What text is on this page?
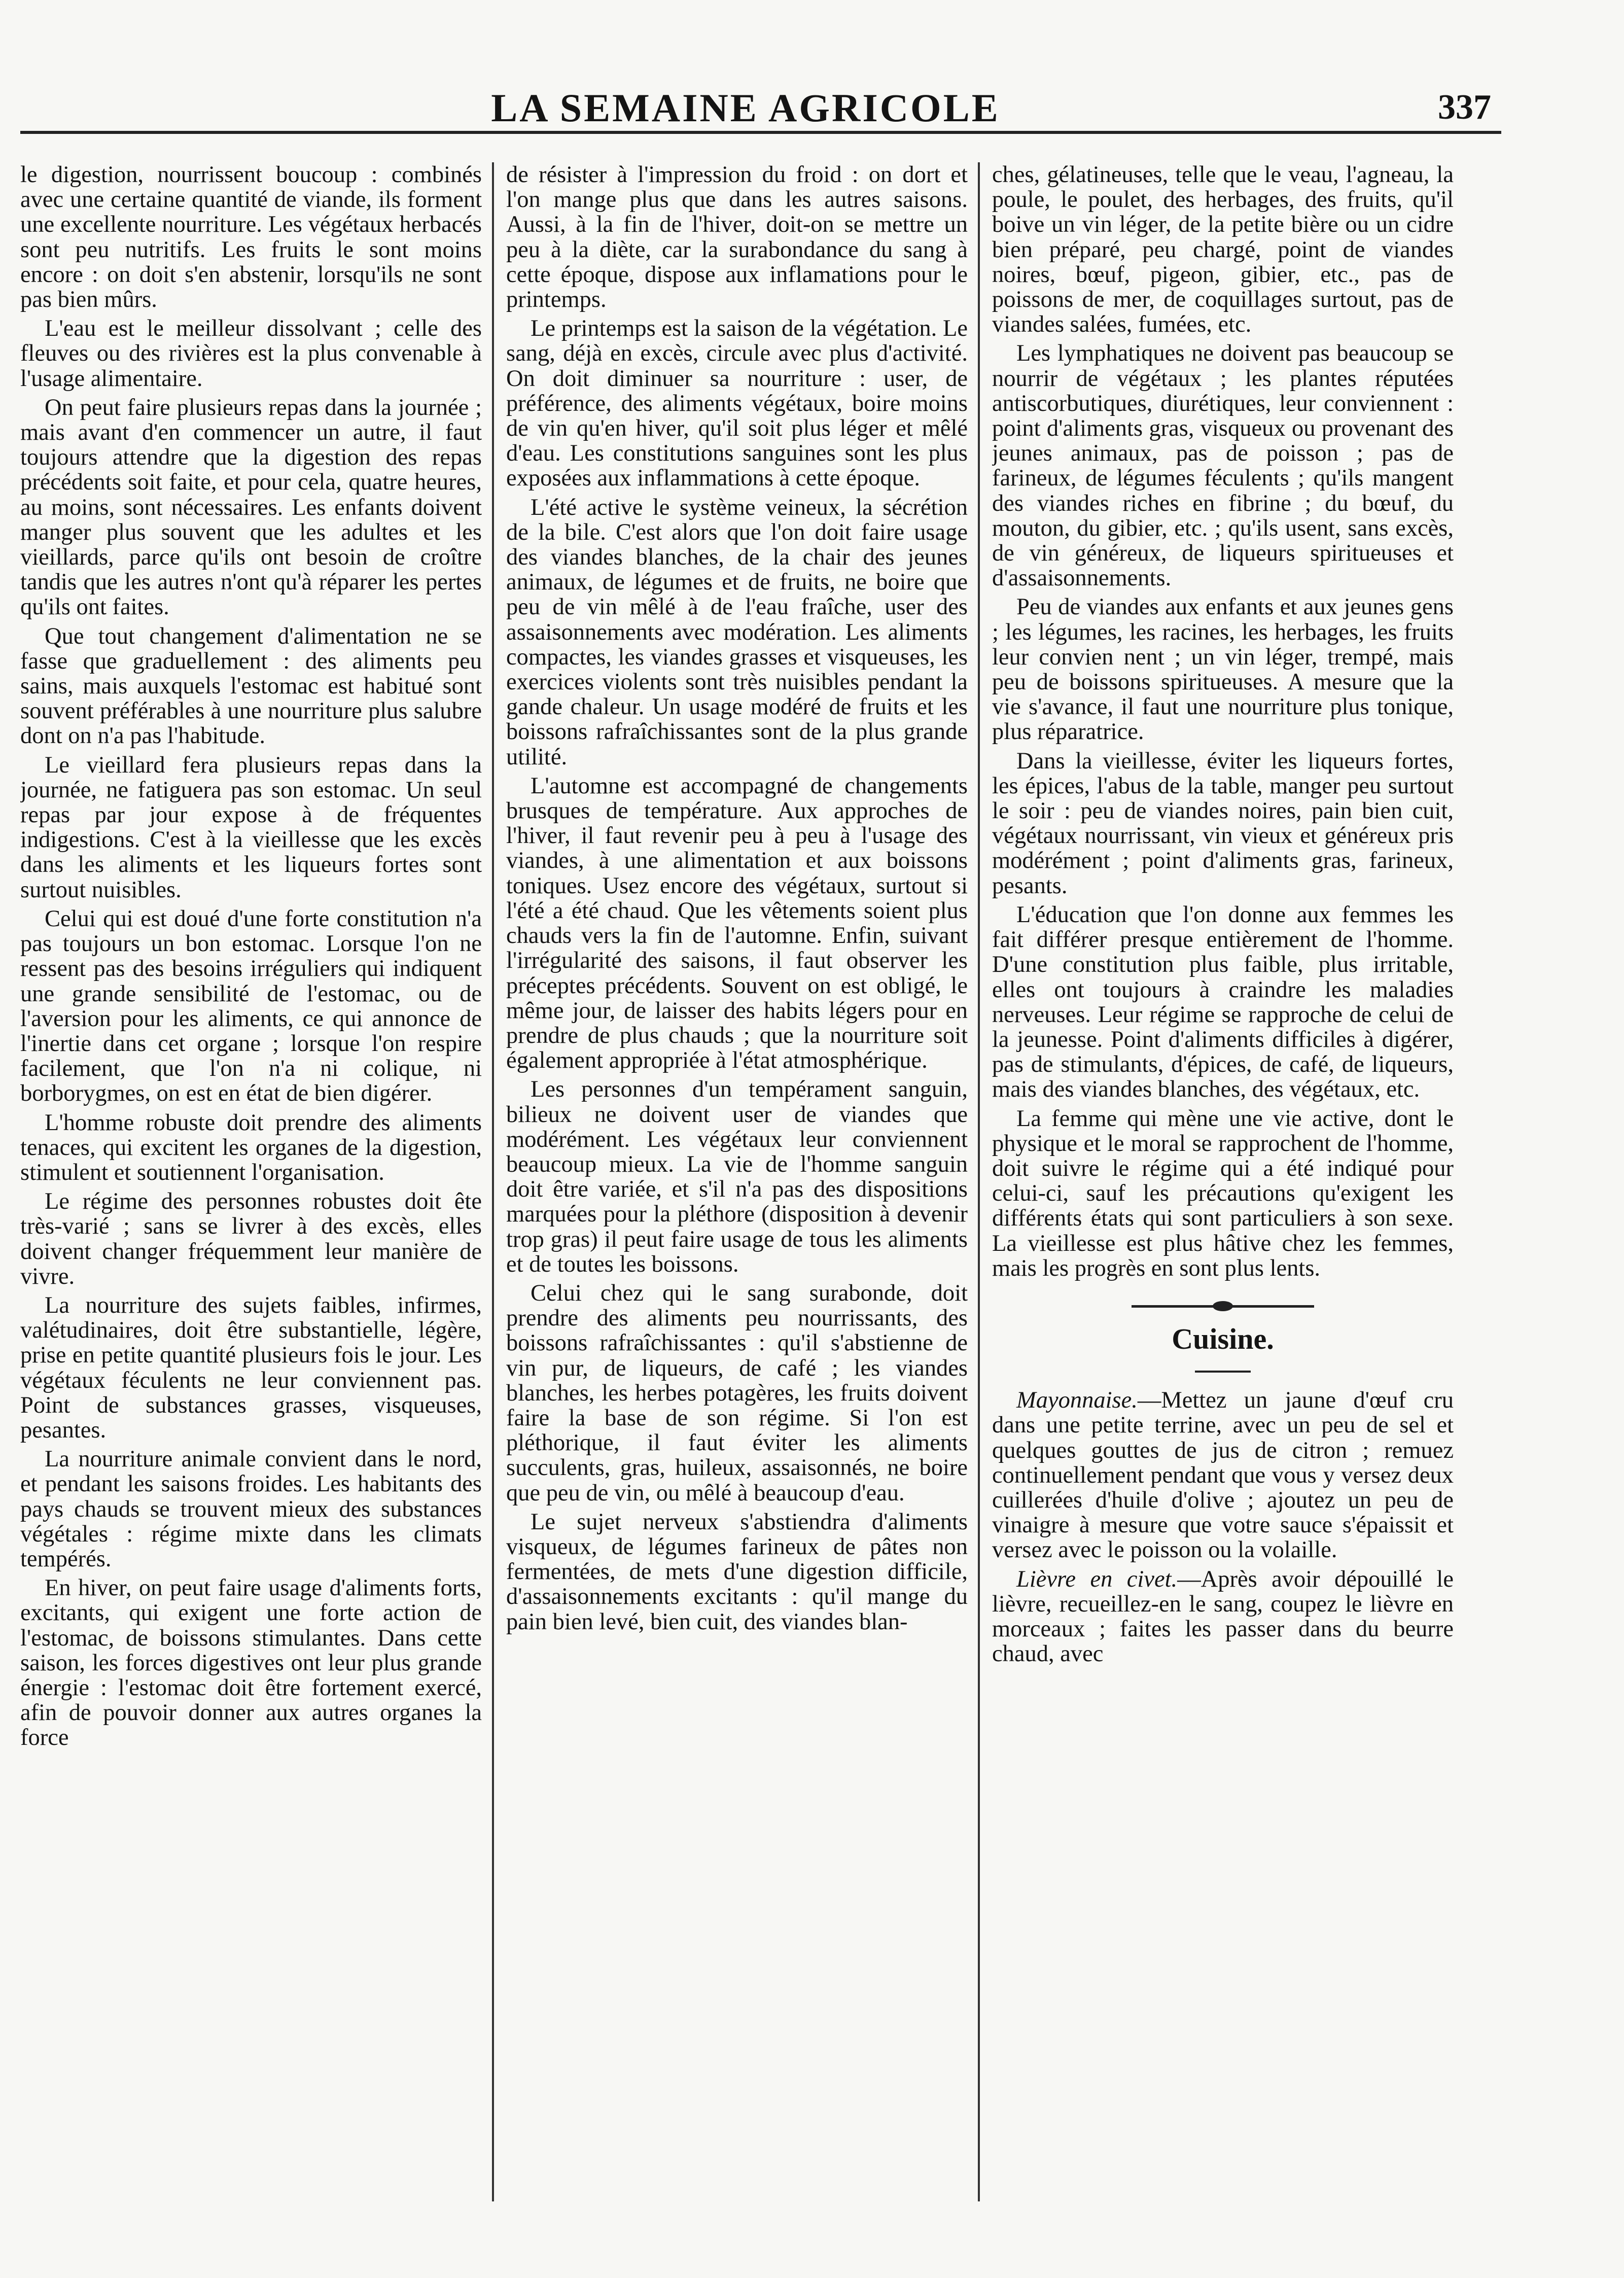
LA SEMAINE AGRICOLE	337

le digestion, nourrissent boucoup : combinés avec une certaine quantité de viande, ils forment une excellente nourriture. Les végétaux herbacés sont peu nutritifs. Les fruits le sont moins encore : on doit s'en abstenir, lorsqu'ils ne sont pas bien mûrs.

L'eau est le meilleur dissolvant ; celle des fleuves ou des rivières est la plus convenable à l'usage alimentaire.

On peut faire plusieurs repas dans la journée ; mais avant d'en commencer un autre, il faut toujours attendre que la digestion des repas précédents soit faite, et pour cela, quatre heures, au moins, sont nécessaires. Les enfants doivent manger plus souvent que les adultes et les vieillards, parce qu'ils ont besoin de croître tandis que les autres n'ont qu'à réparer les pertes qu'ils ont faites.

Que tout changement d'alimentation ne se fasse que graduellement : des aliments peu sains, mais auxquels l'estomac est habitué sont souvent préférables à une nourriture plus salubre dont on n'a pas l'habitude.

Le vieillard fera plusieurs repas dans la journée, ne fatiguera pas son estomac. Un seul repas par jour expose à de fréquentes indigestions. C'est à la vieillesse que les excès dans les aliments et les liqueurs fortes sont surtout nuisibles.

Celui qui est doué d'une forte constitution n'a pas toujours un bon estomac. Lorsque l'on ne ressent pas des besoins irréguliers qui indiquent une grande sensibilité de l'estomac, ou de l'aversion pour les aliments, ce qui annonce de l'inertie dans cet organe ; lorsque l'on respire facilement, que l'on n'a ni colique, ni borborygmes, on est en état de bien digérer.

L'homme robuste doit prendre des aliments tenaces, qui excitent les organes de la digestion, stimulent et soutiennent l'organisation.

Le régime des personnes robustes doit ête très-varié ; sans se livrer à des excès, elles doivent changer fréquemment leur manière de vivre.

La nourriture des sujets faibles, infirmes, valétudinaires, doit être substantielle, légère, prise en petite quantité plusieurs fois le jour. Les végétaux féculents ne leur conviennent pas. Point de substances grasses, visqueuses, pesantes.

La nourriture animale convient dans le nord, et pendant les saisons froides. Les habitants des pays chauds se trouvent mieux des substances végétales : régime mixte dans les climats tempérés.

En hiver, on peut faire usage d'aliments forts, excitants, qui exigent une forte action de l'estomac, de boissons stimulantes. Dans cette saison, les forces digestives ont leur plus grande énergie : l'estomac doit être fortement exercé, afin de pouvoir donner aux autres organes la force

de résister à l'impression du froid : on dort et l'on mange plus que dans les autres saisons. Aussi, à la fin de l'hiver, doit-on se mettre un peu à la diète, car la surabondance du sang à cette époque, dispose aux inflamations pour le printemps.

Le printemps est la saison de la végétation. Le sang, déjà en excès, circule avec plus d'activité. On doit diminuer sa nourriture : user, de préférence, des aliments végétaux, boire moins de vin qu'en hiver, qu'il soit plus léger et mêlé d'eau. Les constitutions sanguines sont les plus exposées aux inflammations à cette époque.

L'été active le système veineux, la sécrétion de la bile. C'est alors que l'on doit faire usage des viandes blanches, de la chair des jeunes animaux, de légumes et de fruits, ne boire que peu de vin mêlé à de l'eau fraîche, user des assaisonnements avec modération. Les aliments compactes, les viandes grasses et visqueuses, les exercices violents sont très nuisibles pendant la gande chaleur. Un usage modéré de fruits et les boissons rafraîchissantes sont de la plus grande utilité.

L'automne est accompagné de changements brusques de température. Aux approches de l'hiver, il faut revenir peu à peu à l'usage des viandes, à une alimentation et aux boissons toniques. Usez encore des végétaux, surtout si l'été a été chaud. Que les vêtements soient plus chauds vers la fin de l'automne. Enfin, suivant l'irrégularité des saisons, il faut observer les préceptes précédents. Souvent on est obligé, le même jour, de laisser des habits légers pour en prendre de plus chauds ; que la nourriture soit également appropriée à l'état atmosphérique.

Les personnes d'un tempérament sanguin, bilieux ne doivent user de viandes que modérément. Les végétaux leur conviennent beaucoup mieux. La vie de l'homme sanguin doit être variée, et s'il n'a pas des dispositions marquées pour la pléthore (disposition à devenir trop gras) il peut faire usage de tous les aliments et de toutes les boissons.

Celui chez qui le sang surabonde, doit prendre des aliments peu nourrissants, des boissons rafraîchissantes : qu'il s'abstienne de vin pur, de liqueurs, de café ; les viandes blanches, les herbes potagères, les fruits doivent faire la base de son régime. Si l'on est pléthorique, il faut éviter les aliments succulents, gras, huileux, assaisonnés, ne boire que peu de vin, ou mêlé à beaucoup d'eau.

Le sujet nerveux s'abstiendra d'aliments visqueux, de légumes farineux de pâtes non fermentées, de mets d'une digestion difficile, d'assaisonnements excitants : qu'il mange du pain bien levé, bien cuit, des viandes blan-

ches, gélatineuses, telle que le veau, l'agneau, la poule, le poulet, des herbages, des fruits, qu'il boive un vin léger, de la petite bière ou un cidre bien préparé, peu chargé, point de viandes noires, bœuf, pigeon, gibier, etc., pas de poissons de mer, de coquillages surtout, pas de viandes salées, fumées, etc.

Les lymphatiques ne doivent pas beaucoup se nourrir de végétaux ; les plantes réputées antiscorbutiques, diurétiques, leur conviennent : point d'aliments gras, visqueux ou provenant des jeunes animaux, pas de poisson ; pas de farineux, de légumes féculents ; qu'ils mangent des viandes riches en fibrine ; du bœuf, du mouton, du gibier, etc. ; qu'ils usent, sans excès, de vin généreux, de liqueurs spiritueuses et d'assaisonnements.

Peu de viandes aux enfants et aux jeunes gens ; les légumes, les racines, les herbages, les fruits leur convien nent ; un vin léger, trempé, mais peu de boissons spiritueuses. A mesure que la vie s'avance, il faut une nourriture plus tonique, plus réparatrice.

Dans la vieillesse, éviter les liqueurs fortes, les épices, l'abus de la table, manger peu surtout le soir : peu de viandes noires, pain bien cuit, végétaux nourrissant, vin vieux et généreux pris modérément ; point d'aliments gras, farineux, pesants.

L'éducation que l'on donne aux femmes les fait différer presque entièrement de l'homme. D'une constitution plus faible, plus irritable, elles ont toujours à craindre les maladies nerveuses. Leur régime se rapproche de celui de la jeunesse. Point d'aliments difficiles à digérer, pas de stimulants, d'épices, de café, de liqueurs, mais des viandes blanches, des végétaux, etc.

La femme qui mène une vie active, dont le physique et le moral se rapprochent de l'homme, doit suivre le régime qui a été indiqué pour celui-ci, sauf les précautions qu'exigent les différents états qui sont particuliers à son sexe. La vieillesse est plus hâtive chez les femmes, mais les progrès en sont plus lents.

Cuisine.

Mayonnaise.—Mettez un jaune d'œuf cru dans une petite terrine, avec un peu de sel et quelques gouttes de jus de citron ; remuez continuellement pendant que vous y versez deux cuillerées d'huile d'olive ; ajoutez un peu de vinaigre à mesure que votre sauce s'épaissit et versez avec le poisson ou la volaille.

Lièvre en civet.—Après avoir dépouillé le lièvre, recueillez-en le sang, coupez le lièvre en morceaux ; faites les passer dans du beurre chaud, avec
